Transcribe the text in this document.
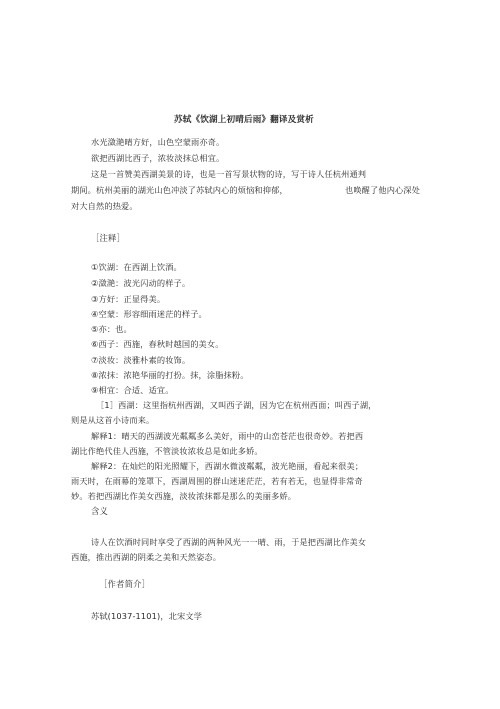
苏轼《饮湖上初晴后雨》翻译及赏析
水光潋滟晴方好，山色空蒙雨亦奇。
欲把西湖比西子，浓妆淡抹总相宜。
这是一首赞美西湖美景的诗，也是一首写景状物的诗，写于诗人任杭州通判
期间。杭州美丽的湖光山色冲淡了苏轼内心的烦恼和抑郁，	也唤醒了他内心深处
对大自然的热爱。
［注释］
①饮湖：在西湖上饮酒。
②潋滟：波光闪动的样子。
③方好：正显得美。
④空蒙：形容细雨迷茫的样子。
⑤亦：也。
⑥西子：西施，春秋时越国的美女。
⑦淡妆：淡雅朴素的妆饰。
⑧浓抹：浓艳华丽的打扮。抹，涂脂抹粉。
⑨相宜：合适、适宜。
［1］西湖：这里指杭州西湖，又叫西子湖，因为它在杭州西面；叫西子湖，
则是从这首小诗而来。
解释1：晴天的西湖波光粼粼多么美好，雨中的山峦苍茫也很奇妙。若把西
湖比作绝代佳人西施，不管淡妆浓妆总是如此多娇。
解释2：在灿烂的阳光照耀下，西湖水微波粼粼，波光艳丽，看起来很美；
雨天时，在雨幕的笼罩下，西湖周围的群山迷迷茫茫，若有若无，也显得非常奇
妙。若把西湖比作美女西施，淡妆浓抹都是那么的美丽多娇。
含义
诗人在饮酒时同时享受了西湖的两种风光一一晴、雨，于是把西湖比作美女
西施，推出西湖的阴柔之美和天然姿态。
［作者简介］
苏轼(1037-1101)，北宋文学
